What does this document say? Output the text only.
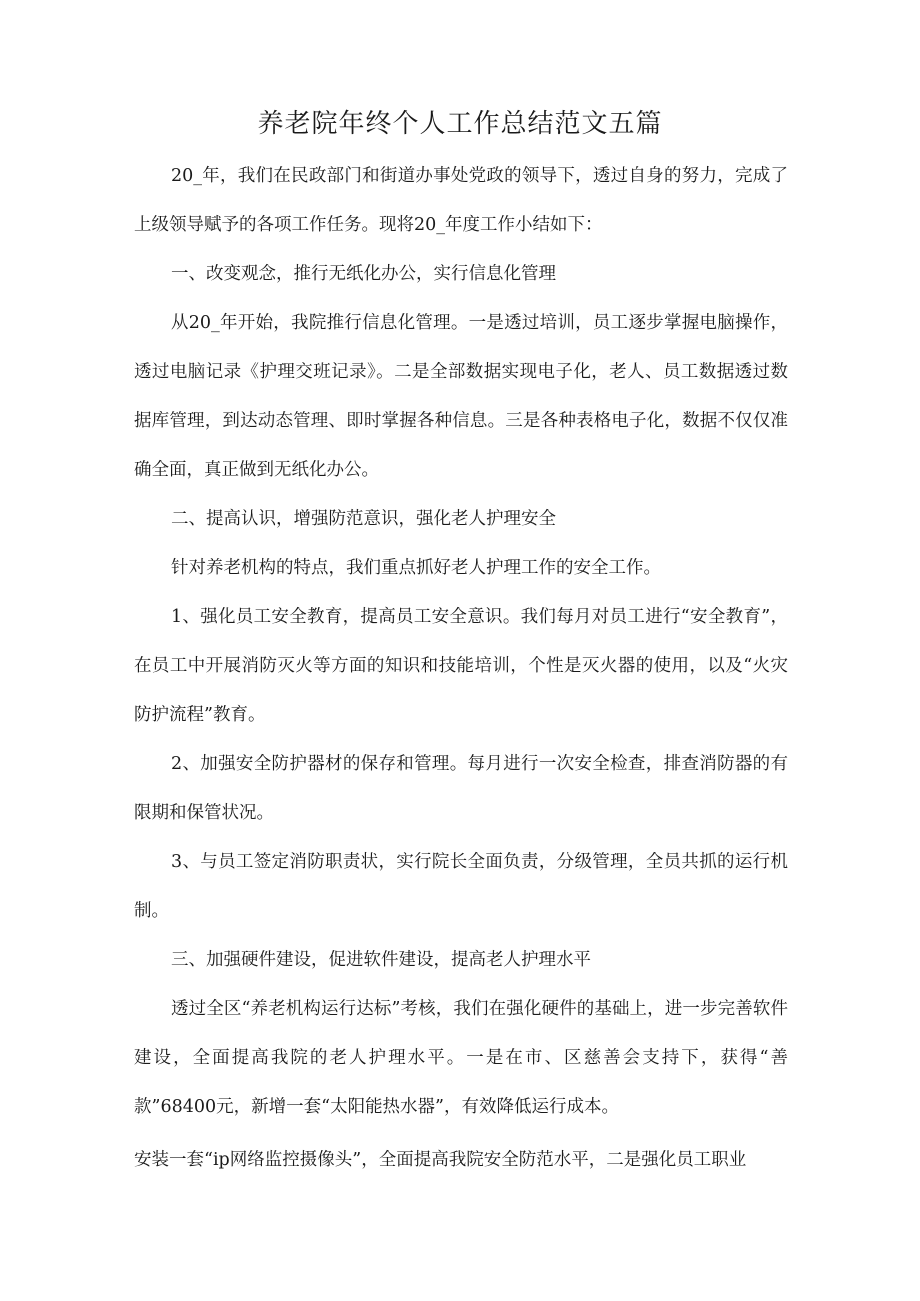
养老院年终个人工作总结范文五篇

20_年，我们在民政部门和街道办事处党政的领导下，透过自身的努力，完成了上级领导赋予的各项工作任务。现将20_年度工作小结如下：

一、改变观念，推行无纸化办公，实行信息化管理

从20_年开始，我院推行信息化管理。一是透过培训，员工逐步掌握电脑操作，透过电脑记录《护理交班记录》。二是全部数据实现电子化，老人、员工数据透过数据库管理，到达动态管理、即时掌握各种信息。三是各种表格电子化，数据不仅仅准确全面，真正做到无纸化办公。

二、提高认识，增强防范意识，强化老人护理安全

针对养老机构的特点，我们重点抓好老人护理工作的安全工作。

1、强化员工安全教育，提高员工安全意识。我们每月对员工进行“安全教育”，在员工中开展消防灭火等方面的知识和技能培训，个性是灭火器的使用，以及“火灾防护流程”教育。

2、加强安全防护器材的保存和管理。每月进行一次安全检查，排查消防器的有限期和保管状况。

3、与员工签定消防职责状，实行院长全面负责，分级管理，全员共抓的运行机制。

三、加强硬件建设，促进软件建设，提高老人护理水平

透过全区“养老机构运行达标”考核，我们在强化硬件的基础上，进一步完善软件建设，全面提高我院的老人护理水平。一是在市、区慈善会支持下，获得“善款”68400元，新增一套“太阳能热水器”，有效降低运行成本。

安装一套“ip网络监控摄像头”，全面提高我院安全防范水平，二是强化员工职业
